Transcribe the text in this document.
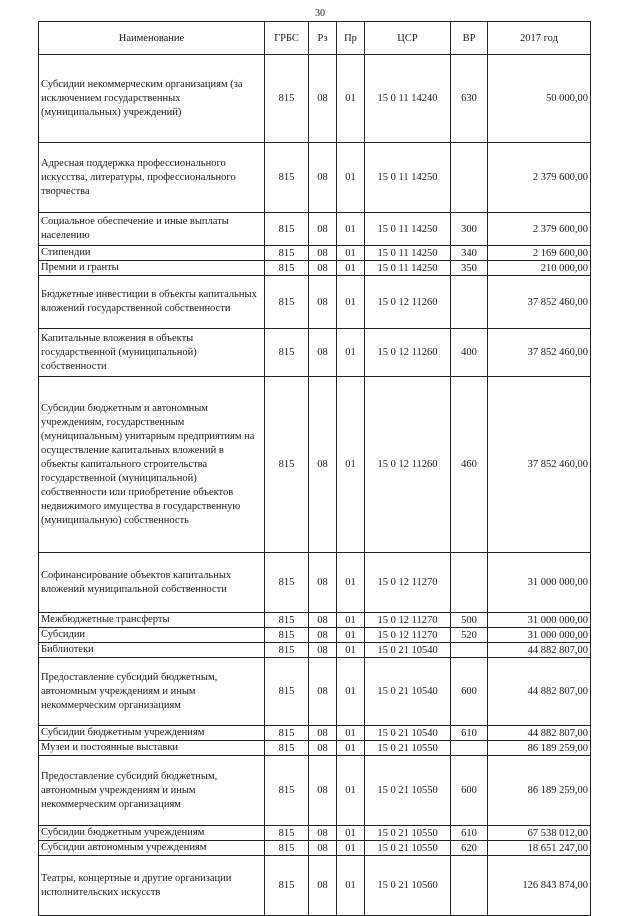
30
Наименование	ГРБС	Рз	Пр	ЦСР	ВР	2017 год
Субсидии некоммерческим организациям (за исключением государственных (муниципальных) учреждений)	815	08	01	15 0 11 14240	630	50 000,00
Адресная поддержка профессионального искусства, литературы, профессионального творчества	815	08	01	15 0 11 14250		2 379 600,00
Социальное обеспечение и иные выплаты населению	815	08	01	15 0 11 14250	300	2 379 600,00
Стипендии	815	08	01	15 0 11 14250	340	2 169 600,00
Премии и гранты	815	08	01	15 0 11 14250	350	210 000,00
Бюджетные инвестиции в объекты капитальных вложений государственной собственности	815	08	01	15 0 12 11260		37 852 460,00
Капитальные вложения в объекты государственной (муниципальной) собственности	815	08	01	15 0 12 11260	400	37 852 460,00
Субсидии бюджетным и автономным учреждениям, государственным (муниципальным) унитарным предприятиям на осуществление капитальных вложений в объекты капитального строительства государственной (муниципальной) собственности или приобретение объектов недвижимого имущества в государственную (муниципальную) собственность	815	08	01	15 0 12 11260	460	37 852 460,00
Софинансирование объектов капитальных вложений муниципальной собственности	815	08	01	15 0 12 11270		31 000 000,00
Межбюджетные трансферты	815	08	01	15 0 12 11270	500	31 000 000,00
Субсидии	815	08	01	15 0 12 11270	520	31 000 000,00
Библиотеки	815	08	01	15 0 21 10540		44 882 807,00
Предоставление субсидий бюджетным, автономным учреждениям и иным некоммерческим организациям	815	08	01	15 0 21 10540	600	44 882 807,00
Субсидии бюджетным учреждениям	815	08	01	15 0 21 10540	610	44 882 807,00
Музеи и постоянные выставки	815	08	01	15 0 21 10550		86 189 259,00
Предоставление субсидий бюджетным, автономным учреждениям и иным некоммерческим организациям	815	08	01	15 0 21 10550	600	86 189 259,00
Субсидии бюджетным учреждениям	815	08	01	15 0 21 10550	610	67 538 012,00
Субсидии автономным учреждениям	815	08	01	15 0 21 10550	620	18 651 247,00
Театры, концертные и другие организации исполнительских искусств	815	08	01	15 0 21 10560		126 843 874,00
